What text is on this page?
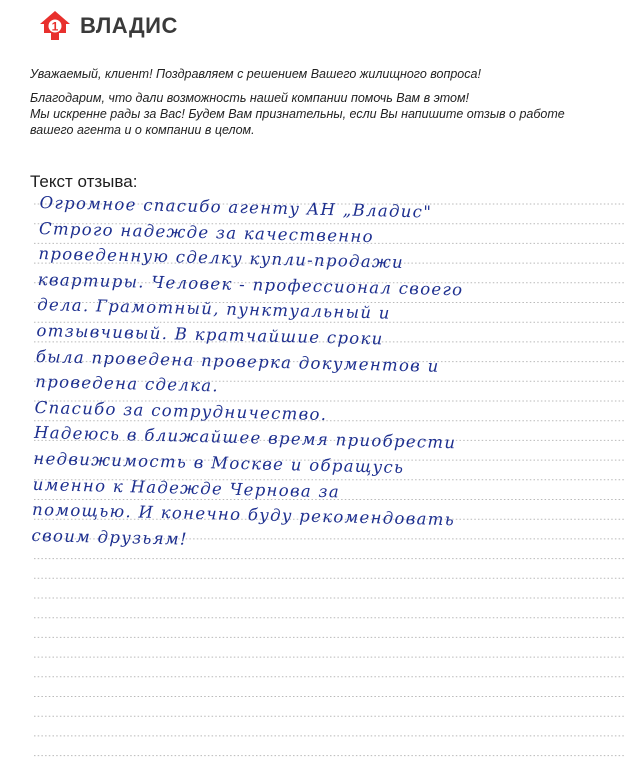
1 ВЛАДИС

Уважаемый, клиент! Поздравляем с решением Вашего жилищного вопроса!

Благодарим, что дали возможность нашей компании помочь Вам в этом!
Мы искренне рады за Вас! Будем Вам признательны, если Вы напишите отзыв о работе
вашего агента и о компании в целом.
Текст отзыва:
Огромное спасибо агенту АН „Владис"
Строго надежде за качественно
проведенную сделку купли-продажи
квартиры. Человек - профессионал своего
дела. Грамотный, пунктуальный и
отзывчивый. В кратчайшие сроки
была проведена проверка документов и
проведена сделка.
Спасибо за сотрудничество.
Надеюсь в ближайшее время приобрести
недвижимость в Москве и обращусь
именно к Надежде Чернова за
помощью. И конечно буду рекомендовать
своим друзьям!
